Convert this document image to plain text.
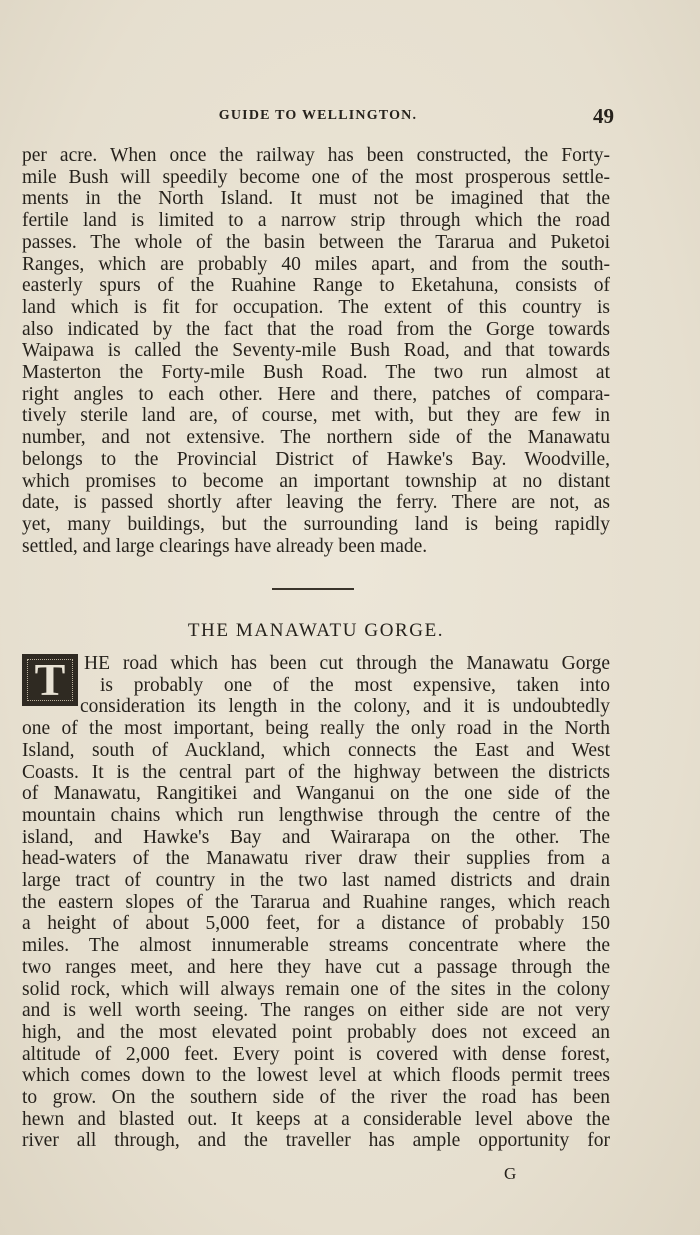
GUIDE TO WELLINGTON.	49

per acre. When once the railway has been constructed, the Forty-
mile Bush will speedily become one of the most prosperous settle-
ments in the North Island. It must not be imagined that the
fertile land is limited to a narrow strip through which the road
passes. The whole of the basin between the Tararua and Puketoi
Ranges, which are probably 40 miles apart, and from the south-
easterly spurs of the Ruahine Range to Eketahuna, consists of
land which is fit for occupation. The extent of this country is
also indicated by the fact that the road from the Gorge towards
Waipawa is called the Seventy-mile Bush Road, and that towards
Masterton the Forty-mile Bush Road. The two run almost at
right angles to each other. Here and there, patches of compara-
tively sterile land are, of course, met with, but they are few in
number, and not extensive. The northern side of the Manawatu
belongs to the Provincial District of Hawke's Bay. Woodville,
which promises to become an important township at no distant
date, is passed shortly after leaving the ferry. There are not, as
yet, many buildings, but the surrounding land is being rapidly
settled, and large clearings have already been made.

THE MANAWATU GORGE.
T HE road which has been cut through the Manawatu Gorge
is probably one of the most expensive, taken into
consideration its length in the colony, and it is undoubtedly
one of the most important, being really the only road in the North
Island, south of Auckland, which connects the East and West
Coasts. It is the central part of the highway between the districts
of Manawatu, Rangitikei and Wanganui on the one side of the
mountain chains which run lengthwise through the centre of the
island, and Hawke's Bay and Wairarapa on the other. The
head-waters of the Manawatu river draw their supplies from a
large tract of country in the two last named districts and drain
the eastern slopes of the Tararua and Ruahine ranges, which reach
a height of about 5,000 feet, for a distance of probably 150
miles. The almost innumerable streams concentrate where the
two ranges meet, and here they have cut a passage through the
solid rock, which will always remain one of the sites in the colony
and is well worth seeing. The ranges on either side are not very
high, and the most elevated point probably does not exceed an
altitude of 2,000 feet. Every point is covered with dense forest,
which comes down to the lowest level at which floods permit trees
to grow. On the southern side of the river the road has been
hewn and blasted out. It keeps at a considerable level above the
river all through, and the traveller has ample opportunity for

G
